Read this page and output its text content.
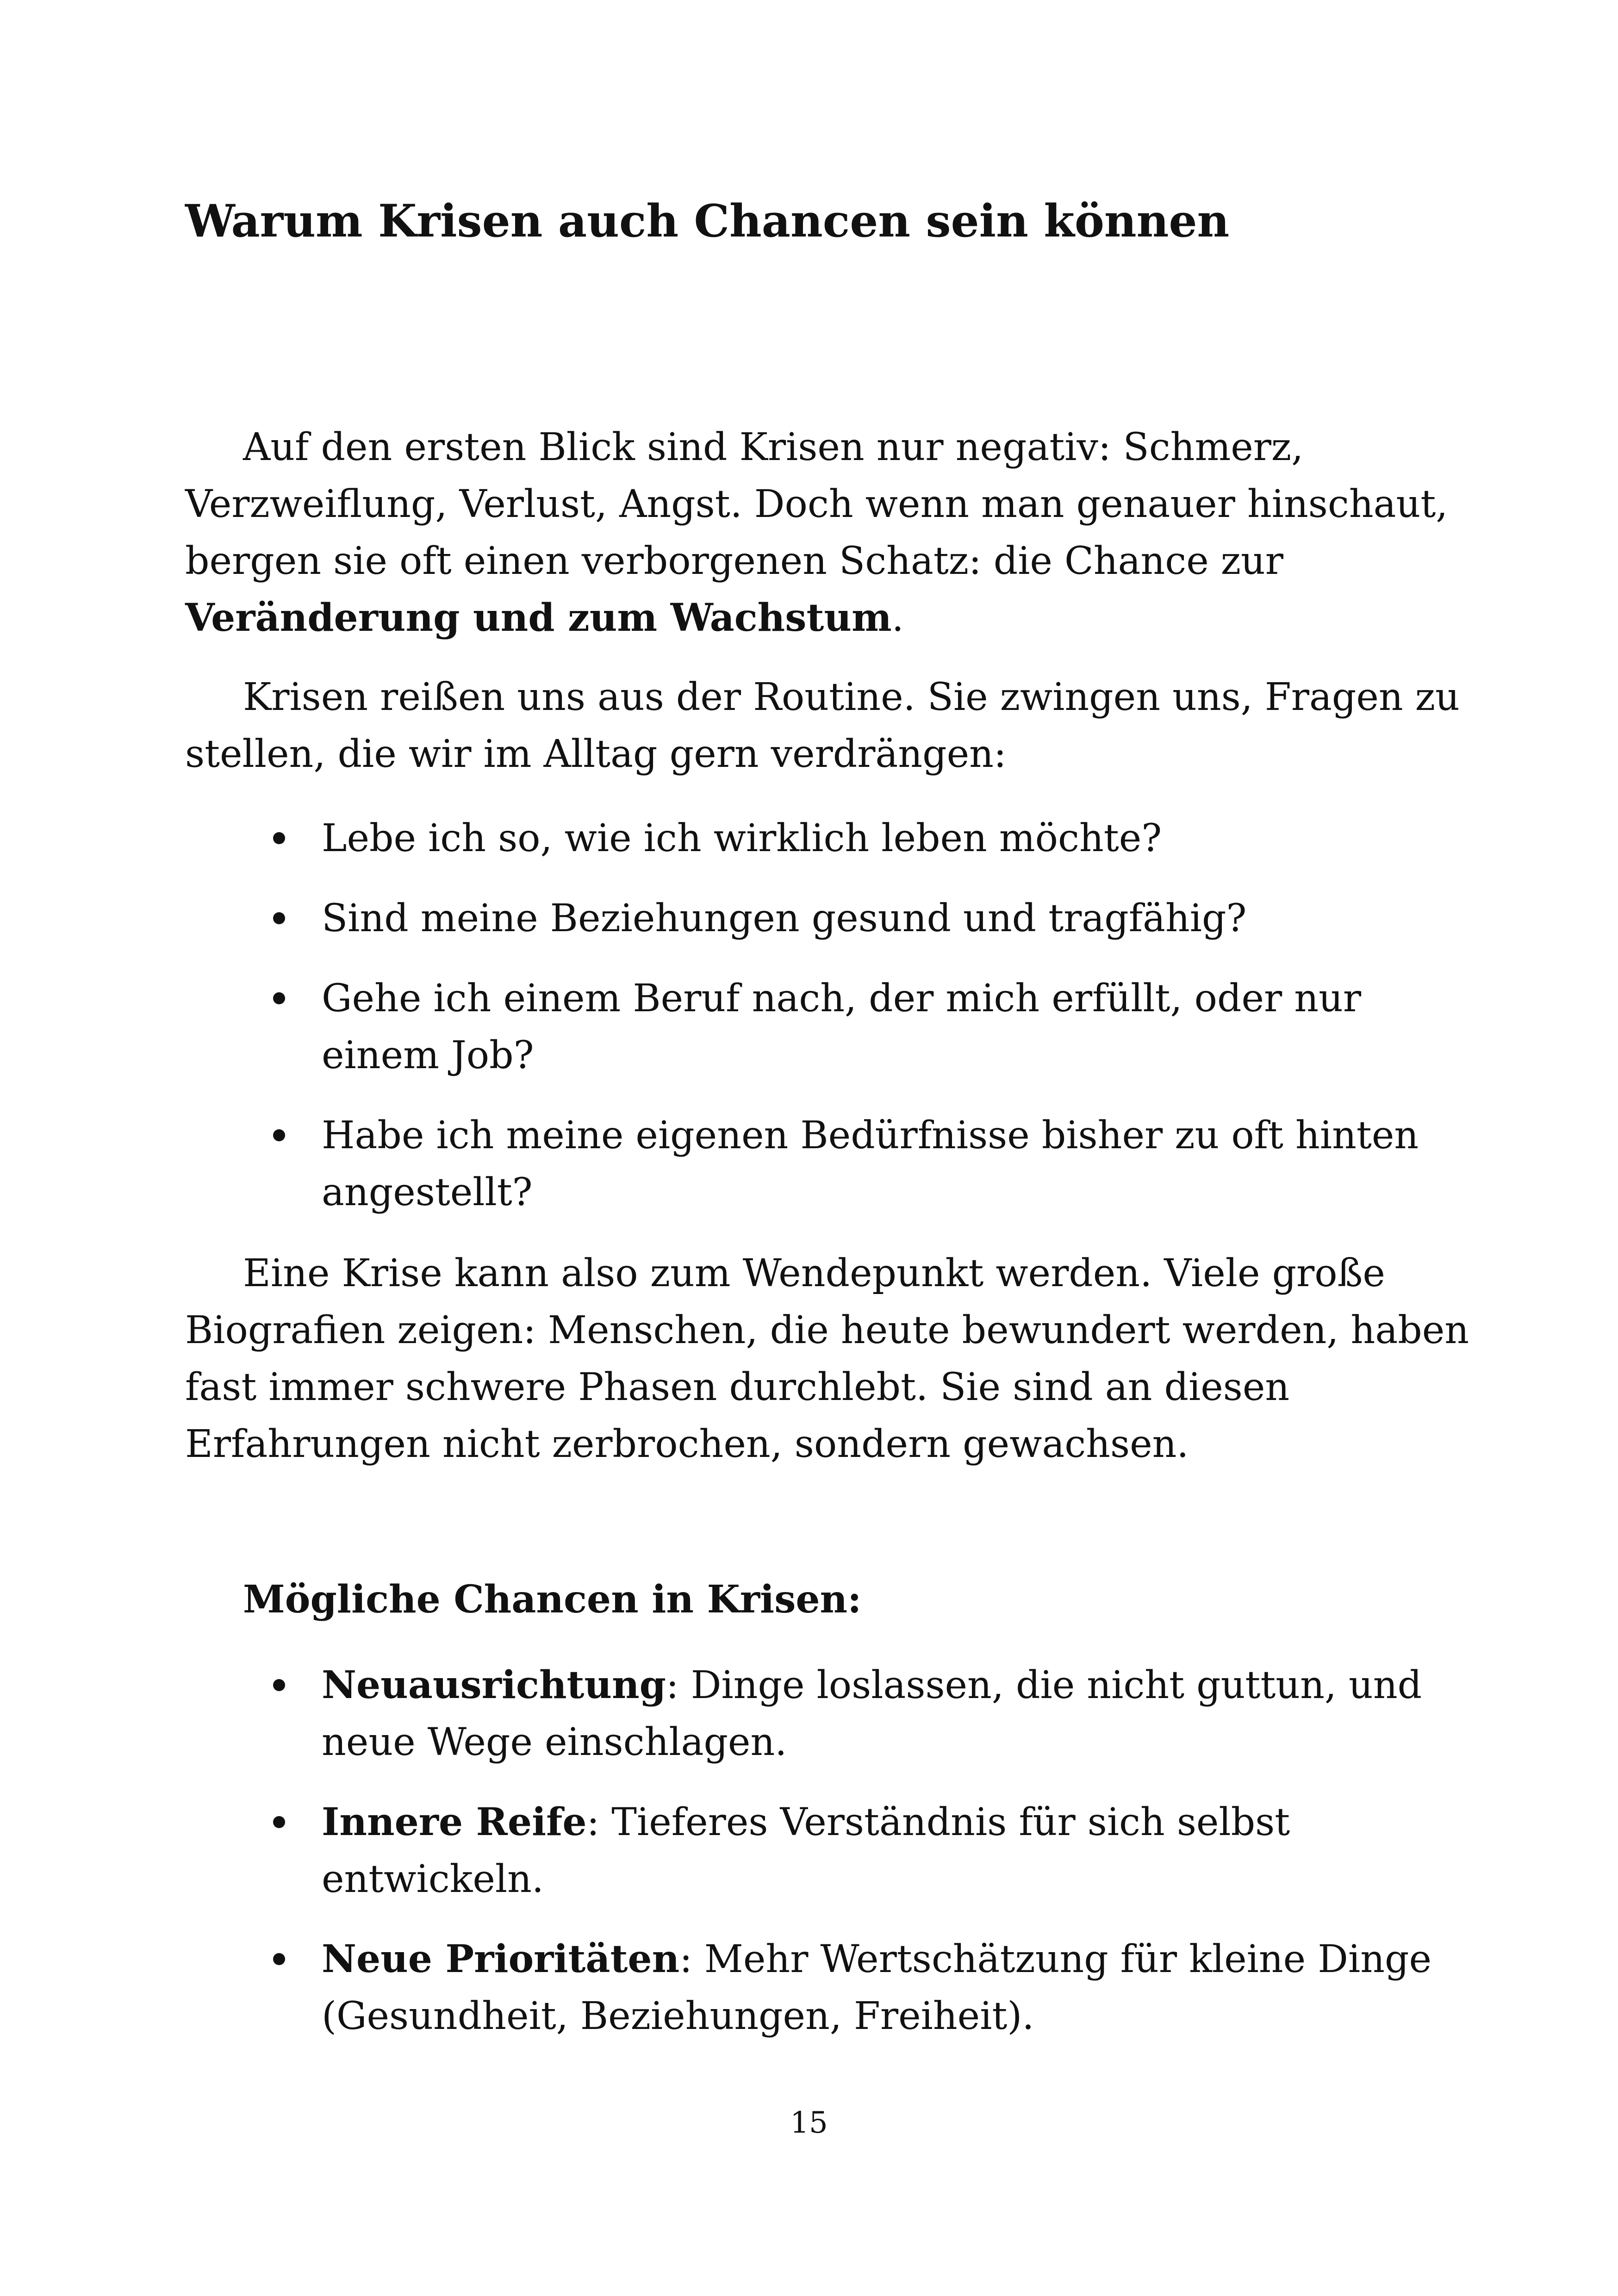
Warum Krisen auch Chancen sein können

Auf den ersten Blick sind Krisen nur negativ: Schmerz, Verzweiflung, Verlust, Angst. Doch wenn man genauer hinschaut, bergen sie oft einen verborgenen Schatz: die Chance zur Veränderung und zum Wachstum.

Krisen reißen uns aus der Routine. Sie zwingen uns, Fragen zu stellen, die wir im Alltag gern verdrängen:

Lebe ich so, wie ich wirklich leben möchte?
Sind meine Beziehungen gesund und tragfähig?
Gehe ich einem Beruf nach, der mich erfüllt, oder nur einem Job?
Habe ich meine eigenen Bedürfnisse bisher zu oft hinten angestellt?

Eine Krise kann also zum Wendepunkt werden. Viele große Biografien zeigen: Menschen, die heute bewundert werden, haben fast immer schwere Phasen durchlebt. Sie sind an diesen Erfahrungen nicht zerbrochen, sondern gewachsen.

Mögliche Chancen in Krisen:
Neuausrichtung: Dinge loslassen, die nicht guttun, und neue Wege einschlagen.
Innere Reife: Tieferes Verständnis für sich selbst entwickeln.
Neue Prioritäten: Mehr Wertschätzung für kleine Dinge (Gesundheit, Beziehungen, Freiheit).
15
